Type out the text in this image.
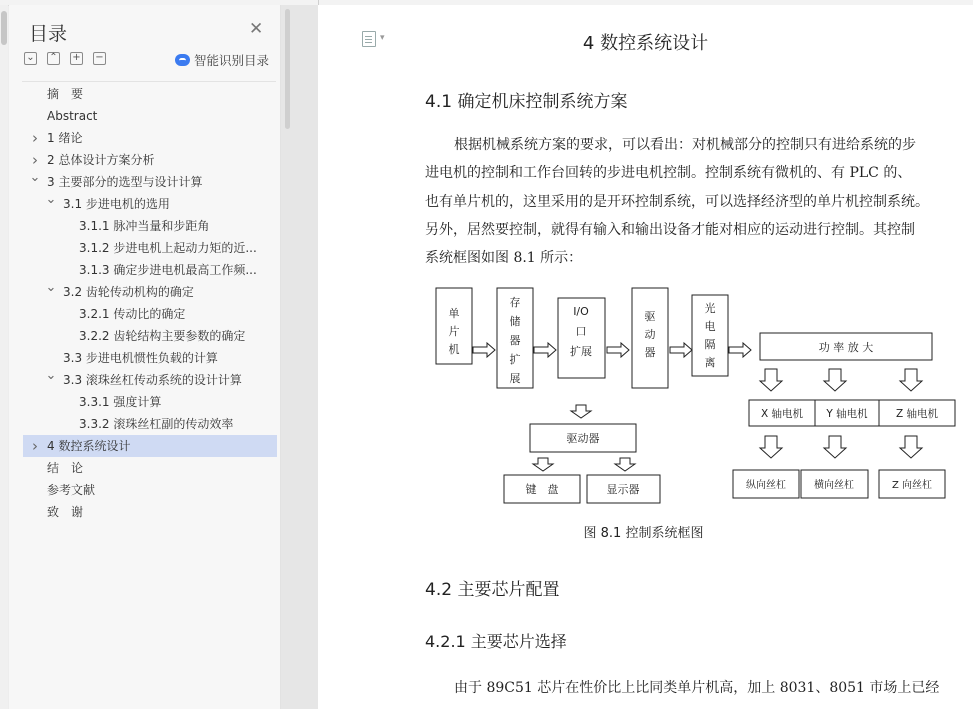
目录	✕
⌄ ⌃ + −	智能识别目录
摘　要
Abstract
› 1 绪论
› 2 总体设计方案分析
⌄ 3 主要部分的选型与设计计算
⌄ 3.1 步进电机的选用
3.1.1 脉冲当量和步距角
3.1.2 步进电机上起动力矩的近...
3.1.3 确定步进电机最高工作频...
⌄ 3.2 齿轮传动机构的确定
3.2.1 传动比的确定
3.2.2 齿轮结构主要参数的确定
3.3 步进电机惯性负载的计算
⌄ 3.3 滚珠丝杠传动系统的设计计算
3.3.1 强度计算
3.3.2 滚珠丝杠副的传动效率
› 4 数控系统设计
结　论
参考文献
致　谢
▾	4 数控系统设计
4.1 确定机床控制系统方案
根据机械系统方案的要求，可以看出：对机械部分的控制只有进给系统的步
进电机的控制和工作台回转的步进电机控制。控制系统有微机的、有 PLC 的、
也有单片机的，这里采用的是开环控制系统，可以选择经济型的单片机控制系统。
另外，居然要控制，就得有输入和输出设备才能对相应的运动进行控制。其控制
系统框图如图 8.1 所示：
单片机
存储器扩展
I/O 口扩展
驱动器
光电隔离
功 率 放 大
X 轴电机 Y 轴电机	Z 轴电机
纵向丝杠	横向丝杠	Z 向丝杠
驱动器
键　盘	显示器
4.2 主要芯片配置
4.2.1 主要芯片选择
由于 89C51 芯片在性价比上比同类单片机高，加上 8031、8051 市场上已经
图 8.1 控制系统框图
